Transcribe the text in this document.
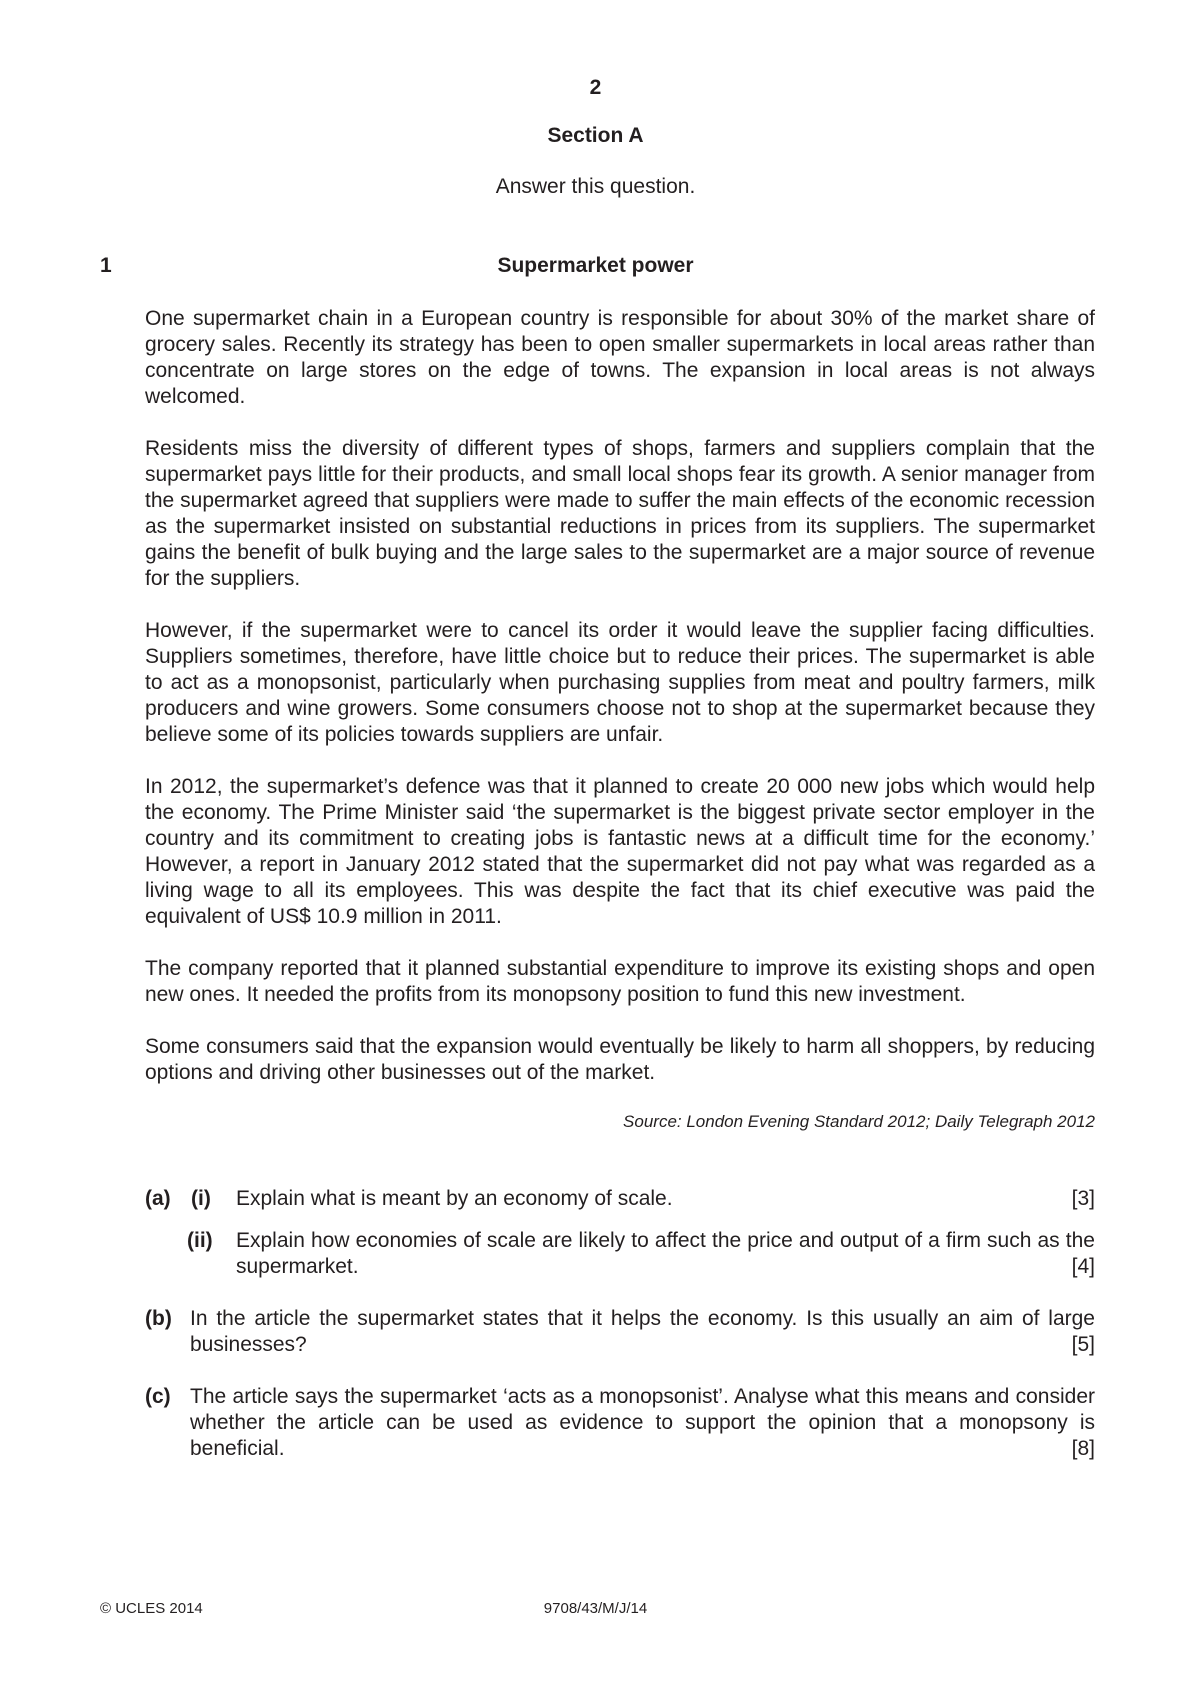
2
Section A
Answer this question.
1	Supermarket power

One supermarket chain in a European country is responsible for about 30% of the market share of grocery sales. Recently its strategy has been to open smaller supermarkets in local areas rather than concentrate on large stores on the edge of towns. The expansion in local areas is not always welcomed.

Residents miss the diversity of different types of shops, farmers and suppliers complain that the supermarket pays little for their products, and small local shops fear its growth. A senior manager from the supermarket agreed that suppliers were made to suffer the main effects of the economic recession as the supermarket insisted on substantial reductions in prices from its suppliers. The supermarket gains the benefit of bulk buying and the large sales to the supermarket are a major source of revenue for the suppliers.

However, if the supermarket were to cancel its order it would leave the supplier facing difficulties. Suppliers sometimes, therefore, have little choice but to reduce their prices. The supermarket is able to act as a monopsonist, particularly when purchasing supplies from meat and poultry farmers, milk producers and wine growers. Some consumers choose not to shop at the supermarket because they believe some of its policies towards suppliers are unfair.

In 2012, the supermarket’s defence was that it planned to create 20 000 new jobs which would help the economy. The Prime Minister said ‘the supermarket is the biggest private sector employer in the country and its commitment to creating jobs is fantastic news at a difficult time for the economy.’ However, a report in January 2012 stated that the supermarket did not pay what was regarded as a living wage to all its employees. This was despite the fact that its chief executive was paid the equivalent of US$ 10.9 million in 2011.

The company reported that it planned substantial expenditure to improve its existing shops and open new ones. It needed the profits from its monopsony position to fund this new investment.

Some consumers said that the expansion would eventually be likely to harm all shoppers, by reducing options and driving other businesses out of the market.

Source: London Evening Standard 2012; Daily Telegraph 2012
(a) (i)	[3]
Explain what is meant by an economy of scale.
(ii) Explain how economies of scale are likely to affect the price and output of a firm such as the supermarket.	[4]
(b) In the article the supermarket states that it helps the economy. Is this usually an aim of large businesses?	[5]
(c) The article says the supermarket ‘acts as a monopsonist’. Analyse what this means and consider whether the article can be used as evidence to support the opinion that a monopsony is beneficial.	[8]
© UCLES 2014	9708/43/M/J/14
